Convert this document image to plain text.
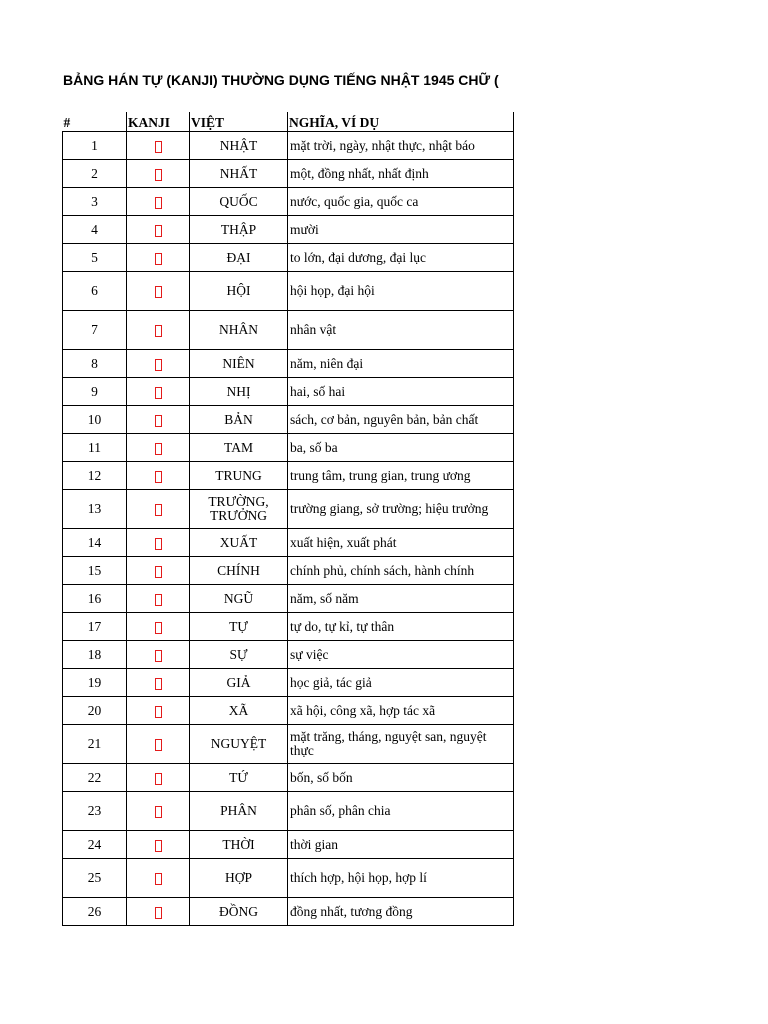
BẢNG HÁN TỰ (KANJI) THƯỜNG DỤNG TIẾNG NHẬT 1945 CHỮ (
#	KANJI	VIỆT	NGHĨA, VÍ DỤ
1		NHẬT	mặt trời, ngày, nhật thực, nhật báo
2		NHẤT	một, đồng nhất, nhất định
3		QUỐC	nước, quốc gia, quốc ca
4		THẬP	mười
5		ĐẠI	to lớn, đại dương, đại lục
6		HỘI	hội họp, đại hội
7		NHÂN	nhân vật
8		NIÊN	năm, niên đại
9		NHỊ	hai, số hai
10		BẢN	sách, cơ bản, nguyên bản, bản chất
11		TAM	ba, số ba
12		TRUNG	trung tâm, trung gian, trung ương
13		TRƯỜNG, TRƯỞNG	trường giang, sở trường; hiệu trưởng
14		XUẤT	xuất hiện, xuất phát
15		CHÍNH	chính phủ, chính sách, hành chính
16		NGŨ	năm, số năm
17		TỰ	tự do, tự kỉ, tự thân
18		SỰ	sự việc
19		GIẢ	học giả, tác giả
20		XÃ	xã hội, công xã, hợp tác xã
21		NGUYỆT	mặt trăng, tháng, nguyệt san, nguyệt thực
22		TỨ	bốn, số bốn
23		PHÂN	phân số, phân chia
24		THỜI	thời gian
25		HỢP	thích hợp, hội họp, hợp lí
26		ĐỒNG	đồng nhất, tương đồng
